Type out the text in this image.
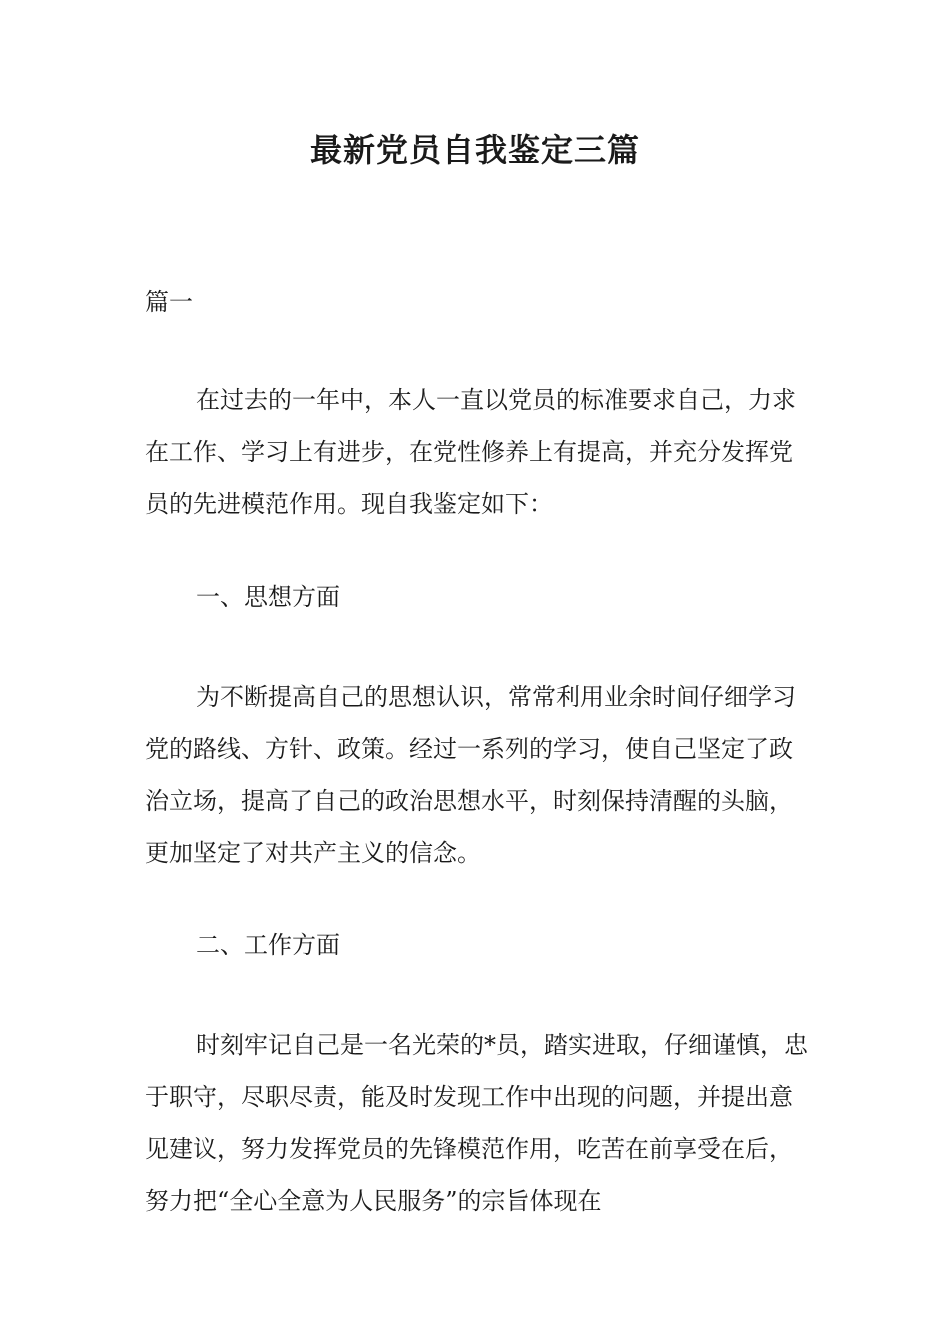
最新党员自我鉴定三篇

篇一

在过去的一年中，本人一直以党员的标准要求自己，力求在工作、学习上有进步，在党性修养上有提高，并充分发挥党员的先进模范作用。现自我鉴定如下：

一、思想方面

为不断提高自己的思想认识，常常利用业余时间仔细学习党的路线、方针、政策。经过一系列的学习，使自己坚定了政治立场，提高了自己的政治思想水平，时刻保持清醒的头脑，更加坚定了对共产主义的信念。

二、工作方面

时刻牢记自己是一名光荣的*员，踏实进取，仔细谨慎，忠于职守，尽职尽责，能及时发现工作中出现的问题，并提出意见建议，努力发挥党员的先锋模范作用，吃苦在前享受在后，努力把“全心全意为人民服务”的宗旨体现在
